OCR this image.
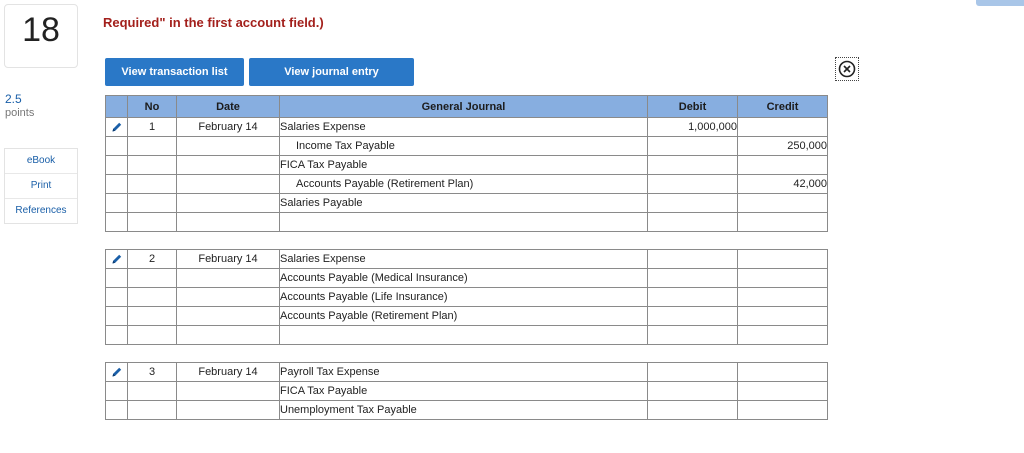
18
2.5
points
eBook
Print
References
Required" in the first account field.)
View transaction list	View journal entry
	No	Date	General Journal	Debit	Credit
	1	February 14	Salaries Expense	1,000,000	
			Income Tax Payable		250,000
			FICA Tax Payable		
			Accounts Payable (Retirement Plan)		42,000
			Salaries Payable		

	2	February 14	Salaries Expense		
			Accounts Payable (Medical Insurance)		
			Accounts Payable (Life Insurance)		
			Accounts Payable (Retirement Plan)		

	3	February 14	Payroll Tax Expense		
			FICA Tax Payable		
			Unemployment Tax Payable		
